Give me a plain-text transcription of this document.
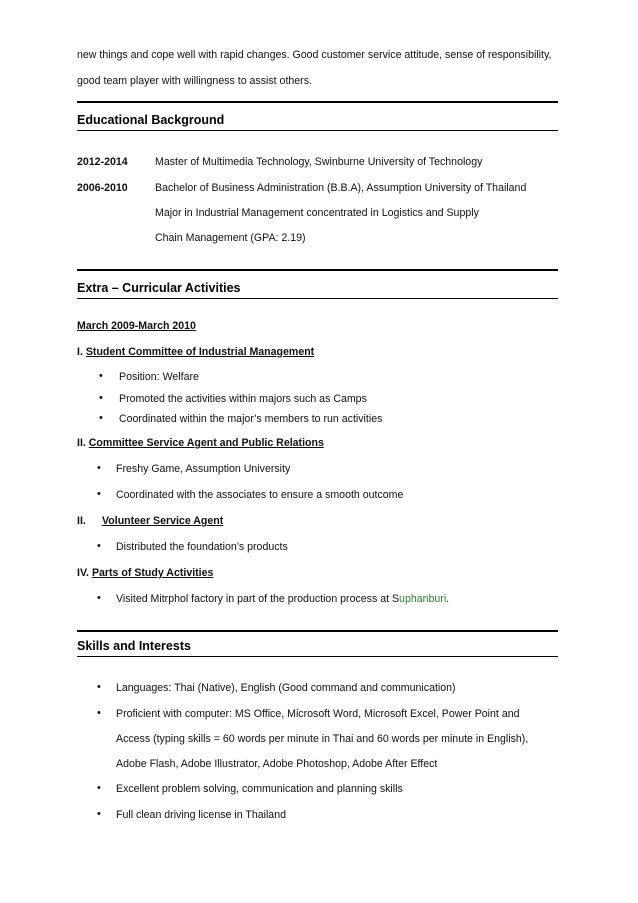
new things and cope well with rapid changes. Good customer service attitude, sense of responsibility,
good team player with willingness to assist others.
Educational Background
2012-2014	Master of Multimedia Technology, Swinburne University of Technology
2006-2010	Bachelor of Business Administration (B.B.A), Assumption University of Thailand
Major in Industrial Management concentrated in Logistics and Supply
Chain Management (GPA: 2.19)
Extra – Curricular Activities
March 2009-March 2010
I. Student Committee of Industrial Management
• Position: Welfare
• Promoted the activities within majors such as Camps
• Coordinated within the major’s members to run activities
II. Committee Service Agent and Public Relations
• Freshy Game, Assumption University
• Coordinated with the associates to ensure a smooth outcome
II. Volunteer Service Agent
• Distributed the foundation’s products
IV. Parts of Study Activities
• Visited Mitrphol factory in part of the production process at Suphanburi.
Skills and Interests
• Languages: Thai (Native), English (Good command and communication)
• Proficient with computer: MS Office, Microsoft Word, Microsoft Excel, Power Point and
Access (typing skills = 60 words per minute in Thai and 60 words per minute in English),
Adobe Flash, Adobe Illustrator, Adobe Photoshop, Adobe After Effect
• Excellent problem solving, communication and planning skills
• Full clean driving license in Thailand
